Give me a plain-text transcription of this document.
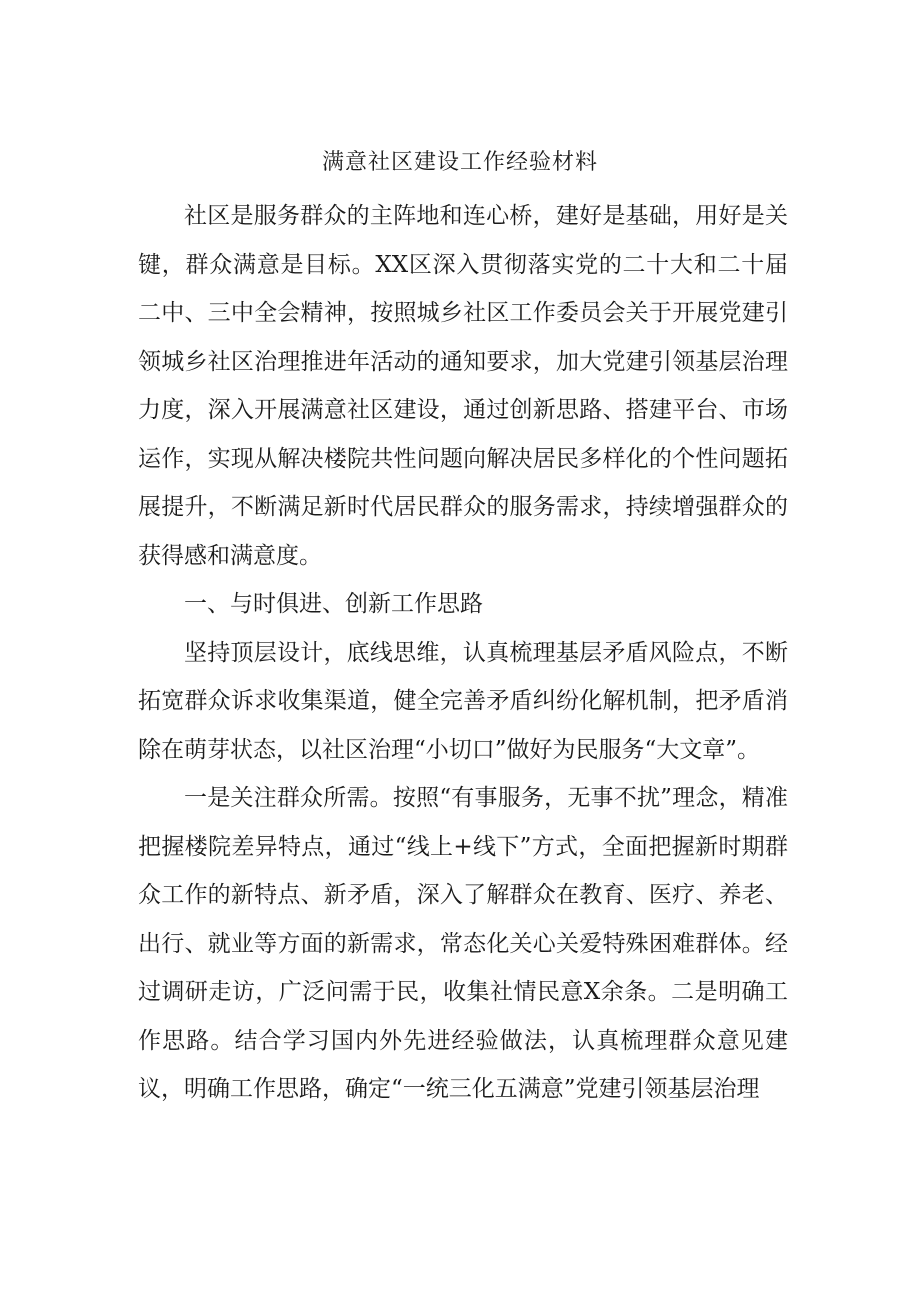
满意社区建设工作经验材料

社区是服务群众的主阵地和连心桥，建好是基础，用好是关键，群众满意是目标。XX区深入贯彻落实党的二十大和二十届二中、三中全会精神，按照城乡社区工作委员会关于开展党建引领城乡社区治理推进年活动的通知要求，加大党建引领基层治理力度，深入开展满意社区建设，通过创新思路、搭建平台、市场运作，实现从解决楼院共性问题向解决居民多样化的个性问题拓展提升，不断满足新时代居民群众的服务需求，持续增强群众的获得感和满意度。

一、与时俱进、创新工作思路

坚持顶层设计，底线思维，认真梳理基层矛盾风险点，不断拓宽群众诉求收集渠道，健全完善矛盾纠纷化解机制，把矛盾消除在萌芽状态，以社区治理“小切口”做好为民服务“大文章”。

一是关注群众所需。按照“有事服务，无事不扰”理念，精准把握楼院差异特点，通过“线上+线下”方式，全面把握新时期群众工作的新特点、新矛盾，深入了解群众在教育、医疗、养老、出行、就业等方面的新需求，常态化关心关爱特殊困难群体。经过调研走访，广泛问需于民，收集社情民意X余条。二是明确工作思路。结合学习国内外先进经验做法，认真梳理群众意见建议，明确工作思路，确定“一统三化五满意”党建引领基层治理
